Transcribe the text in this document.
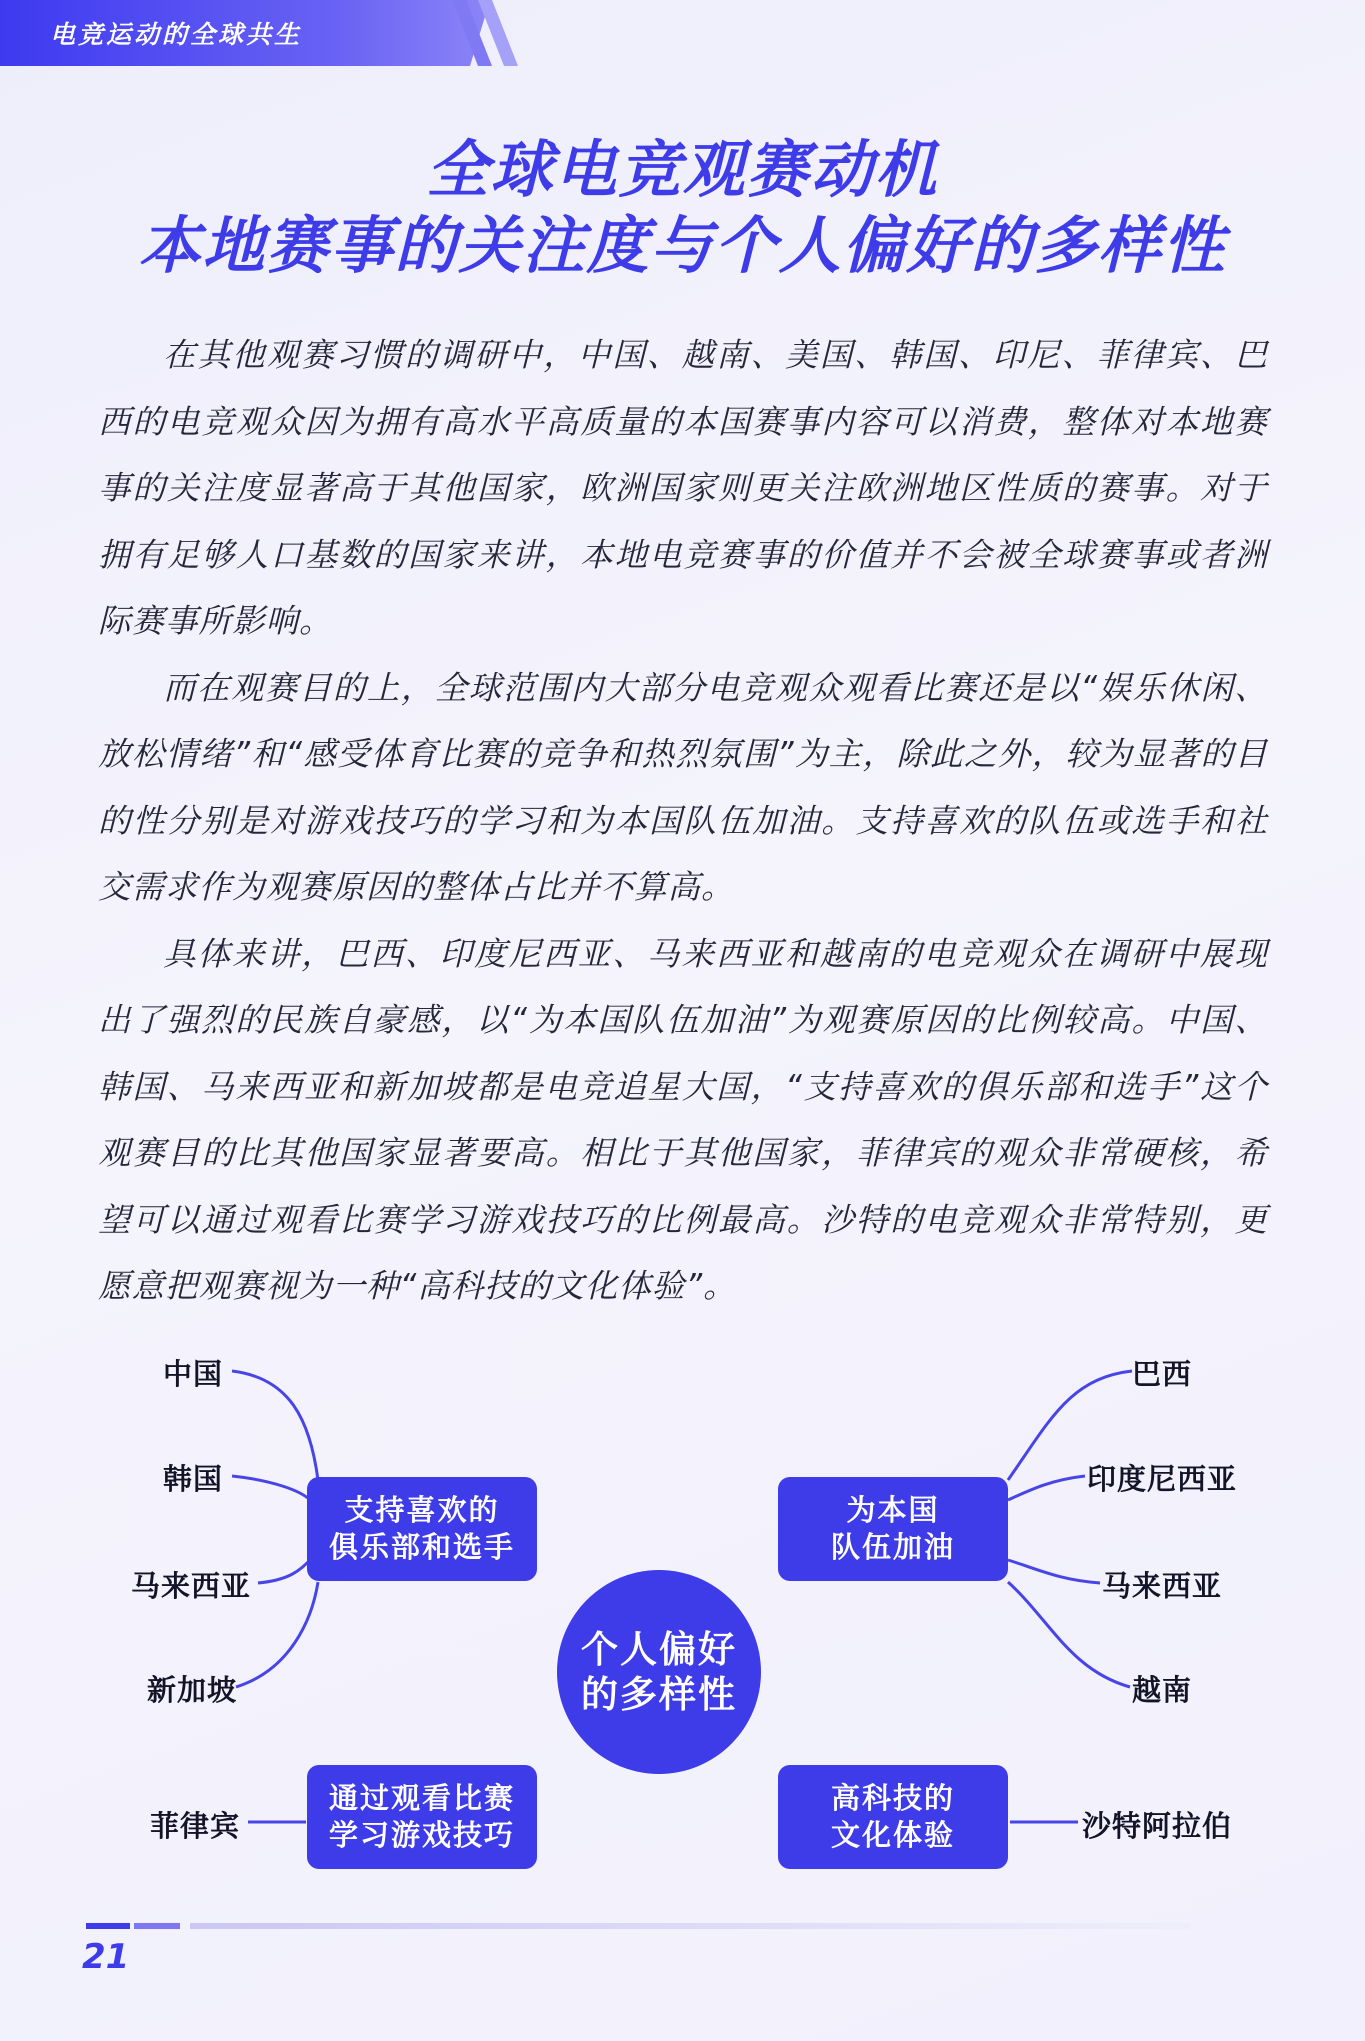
电竞运动的全球共生
全球电竞观赛动机
本地赛事的关注度与个人偏好的多样性

在其他观赛习惯的调研中，中国、越南、美国、韩国、印尼、菲律宾、巴西的电竞观众因为拥有高水平高质量的本国赛事内容可以消费，整体对本地赛事的关注度显著高于其他国家，欧洲国家则更关注欧洲地区性质的赛事。对于拥有足够人口基数的国家来讲，本地电竞赛事的价值并不会被全球赛事或者洲际赛事所影响。

而在观赛目的上，全球范围内大部分电竞观众观看比赛还是以“娱乐休闲、放松情绪”和“感受体育比赛的竞争和热烈氛围”为主，除此之外，较为显著的目的性分别是对游戏技巧的学习和为本国队伍加油。支持喜欢的队伍或选手和社交需求作为观赛原因的整体占比并不算高。

具体来讲，巴西、印度尼西亚、马来西亚和越南的电竞观众在调研中展现出了强烈的民族自豪感，以“为本国队伍加油”为观赛原因的比例较高。中国、韩国、马来西亚和新加坡都是电竞追星大国，“支持喜欢的俱乐部和选手”这个观赛目的比其他国家显著要高。相比于其他国家，菲律宾的观众非常硬核，希望可以通过观看比赛学习游戏技巧的比例最高。沙特的电竞观众非常特别，更愿意把观赛视为一种“高科技的文化体验”。

中国
韩国
马来西亚
新加坡
支持喜欢的
俱乐部和选手
巴西
印度尼西亚
马来西亚
越南
为本国
队伍加油
个人偏好
的多样性
菲律宾
通过观看比赛
学习游戏技巧
高科技的
文化体验	沙特阿拉伯
21
